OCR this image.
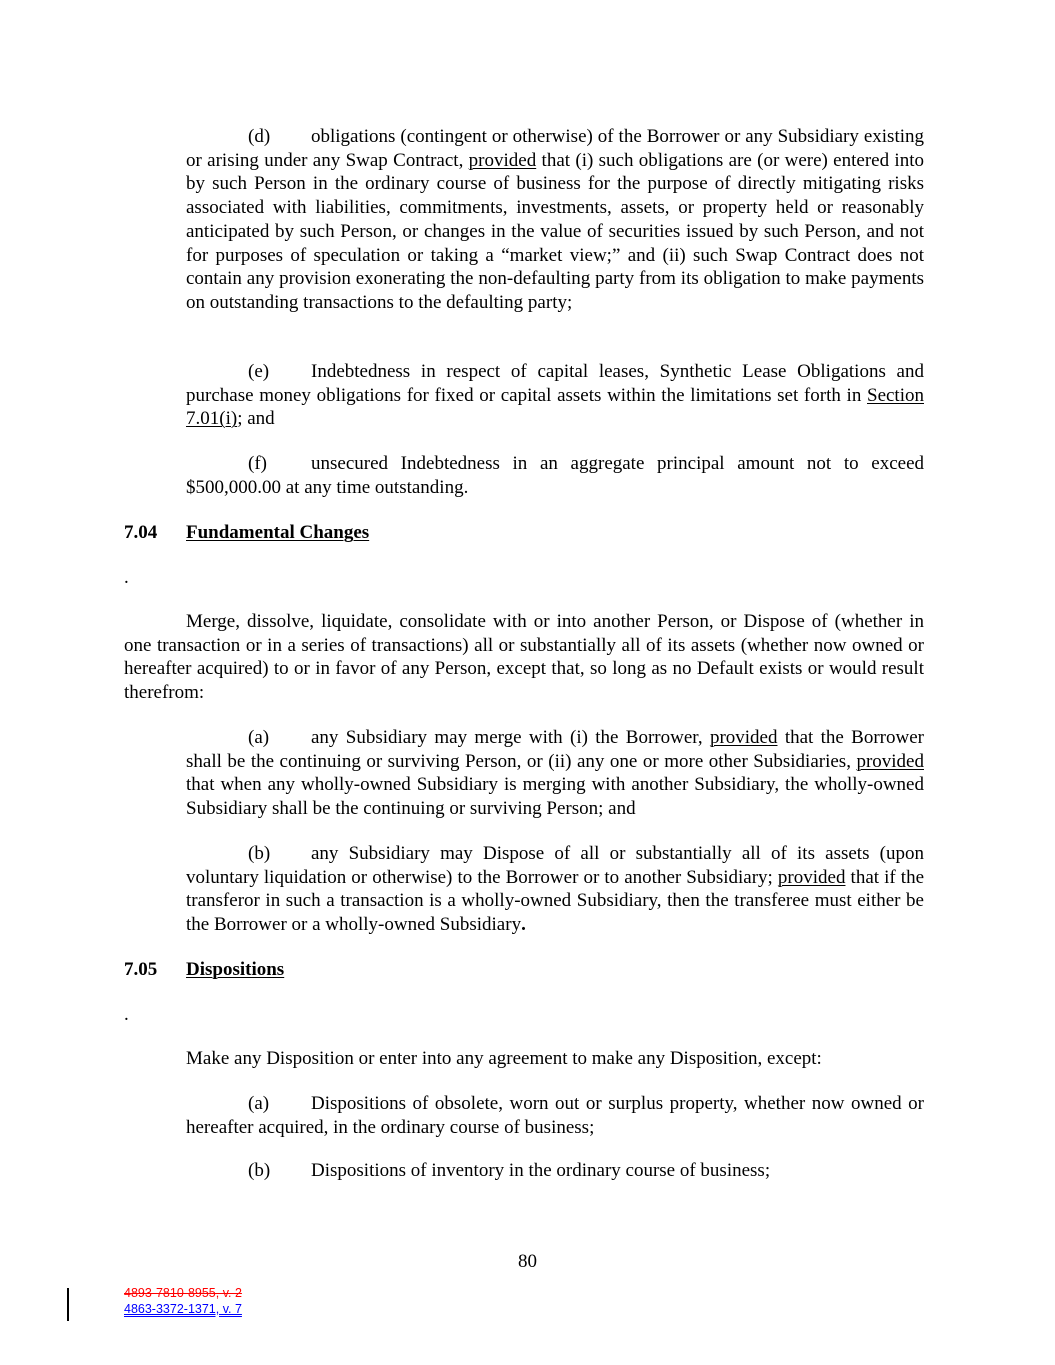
(d) obligations (contingent or otherwise) of the Borrower or any Subsidiary existing or arising under any Swap Contract, provided that (i) such obligations are (or were) entered into by such Person in the ordinary course of business for the purpose of directly mitigating risks associated with liabilities, commitments, investments, assets, or property held or reasonably anticipated by such Person, or changes in the value of securities issued by such Person, and not for purposes of speculation or taking a “market view;” and (ii) such Swap Contract does not contain any provision exonerating the non-defaulting party from its obligation to make payments on outstanding transactions to the defaulting party;

(e) Indebtedness in respect of capital leases, Synthetic Lease Obligations and purchase money obligations for fixed or capital assets within the limitations set forth in Section 7.01(i); and

(f) unsecured Indebtedness in an aggregate principal amount not to exceed $500,000.00 at any time outstanding.

7.04 Fundamental Changes
.

Merge, dissolve, liquidate, consolidate with or into another Person, or Dispose of (whether in one transaction or in a series of transactions) all or substantially all of its assets (whether now owned or hereafter acquired) to or in favor of any Person, except that, so long as no Default exists or would result therefrom:

(a) any Subsidiary may merge with (i) the Borrower, provided that the Borrower shall be the continuing or surviving Person, or (ii) any one or more other Subsidiaries, provided that when any wholly-owned Subsidiary is merging with another Subsidiary, the wholly-owned Subsidiary shall be the continuing or surviving Person; and

(b) any Subsidiary may Dispose of all or substantially all of its assets (upon voluntary liquidation or otherwise) to the Borrower or to another Subsidiary; provided that if the transferor in such a transaction is a wholly-owned Subsidiary, then the transferee must either be the Borrower or a wholly-owned Subsidiary.

7.05 Dispositions
.

Make any Disposition or enter into any agreement to make any Disposition, except:

(a) Dispositions of obsolete, worn out or surplus property, whether now owned or hereafter acquired, in the ordinary course of business;

(b) Dispositions of inventory in the ordinary course of business;

80
4893-7810-8955, v. 2
4863-3372-1371, v. 7
